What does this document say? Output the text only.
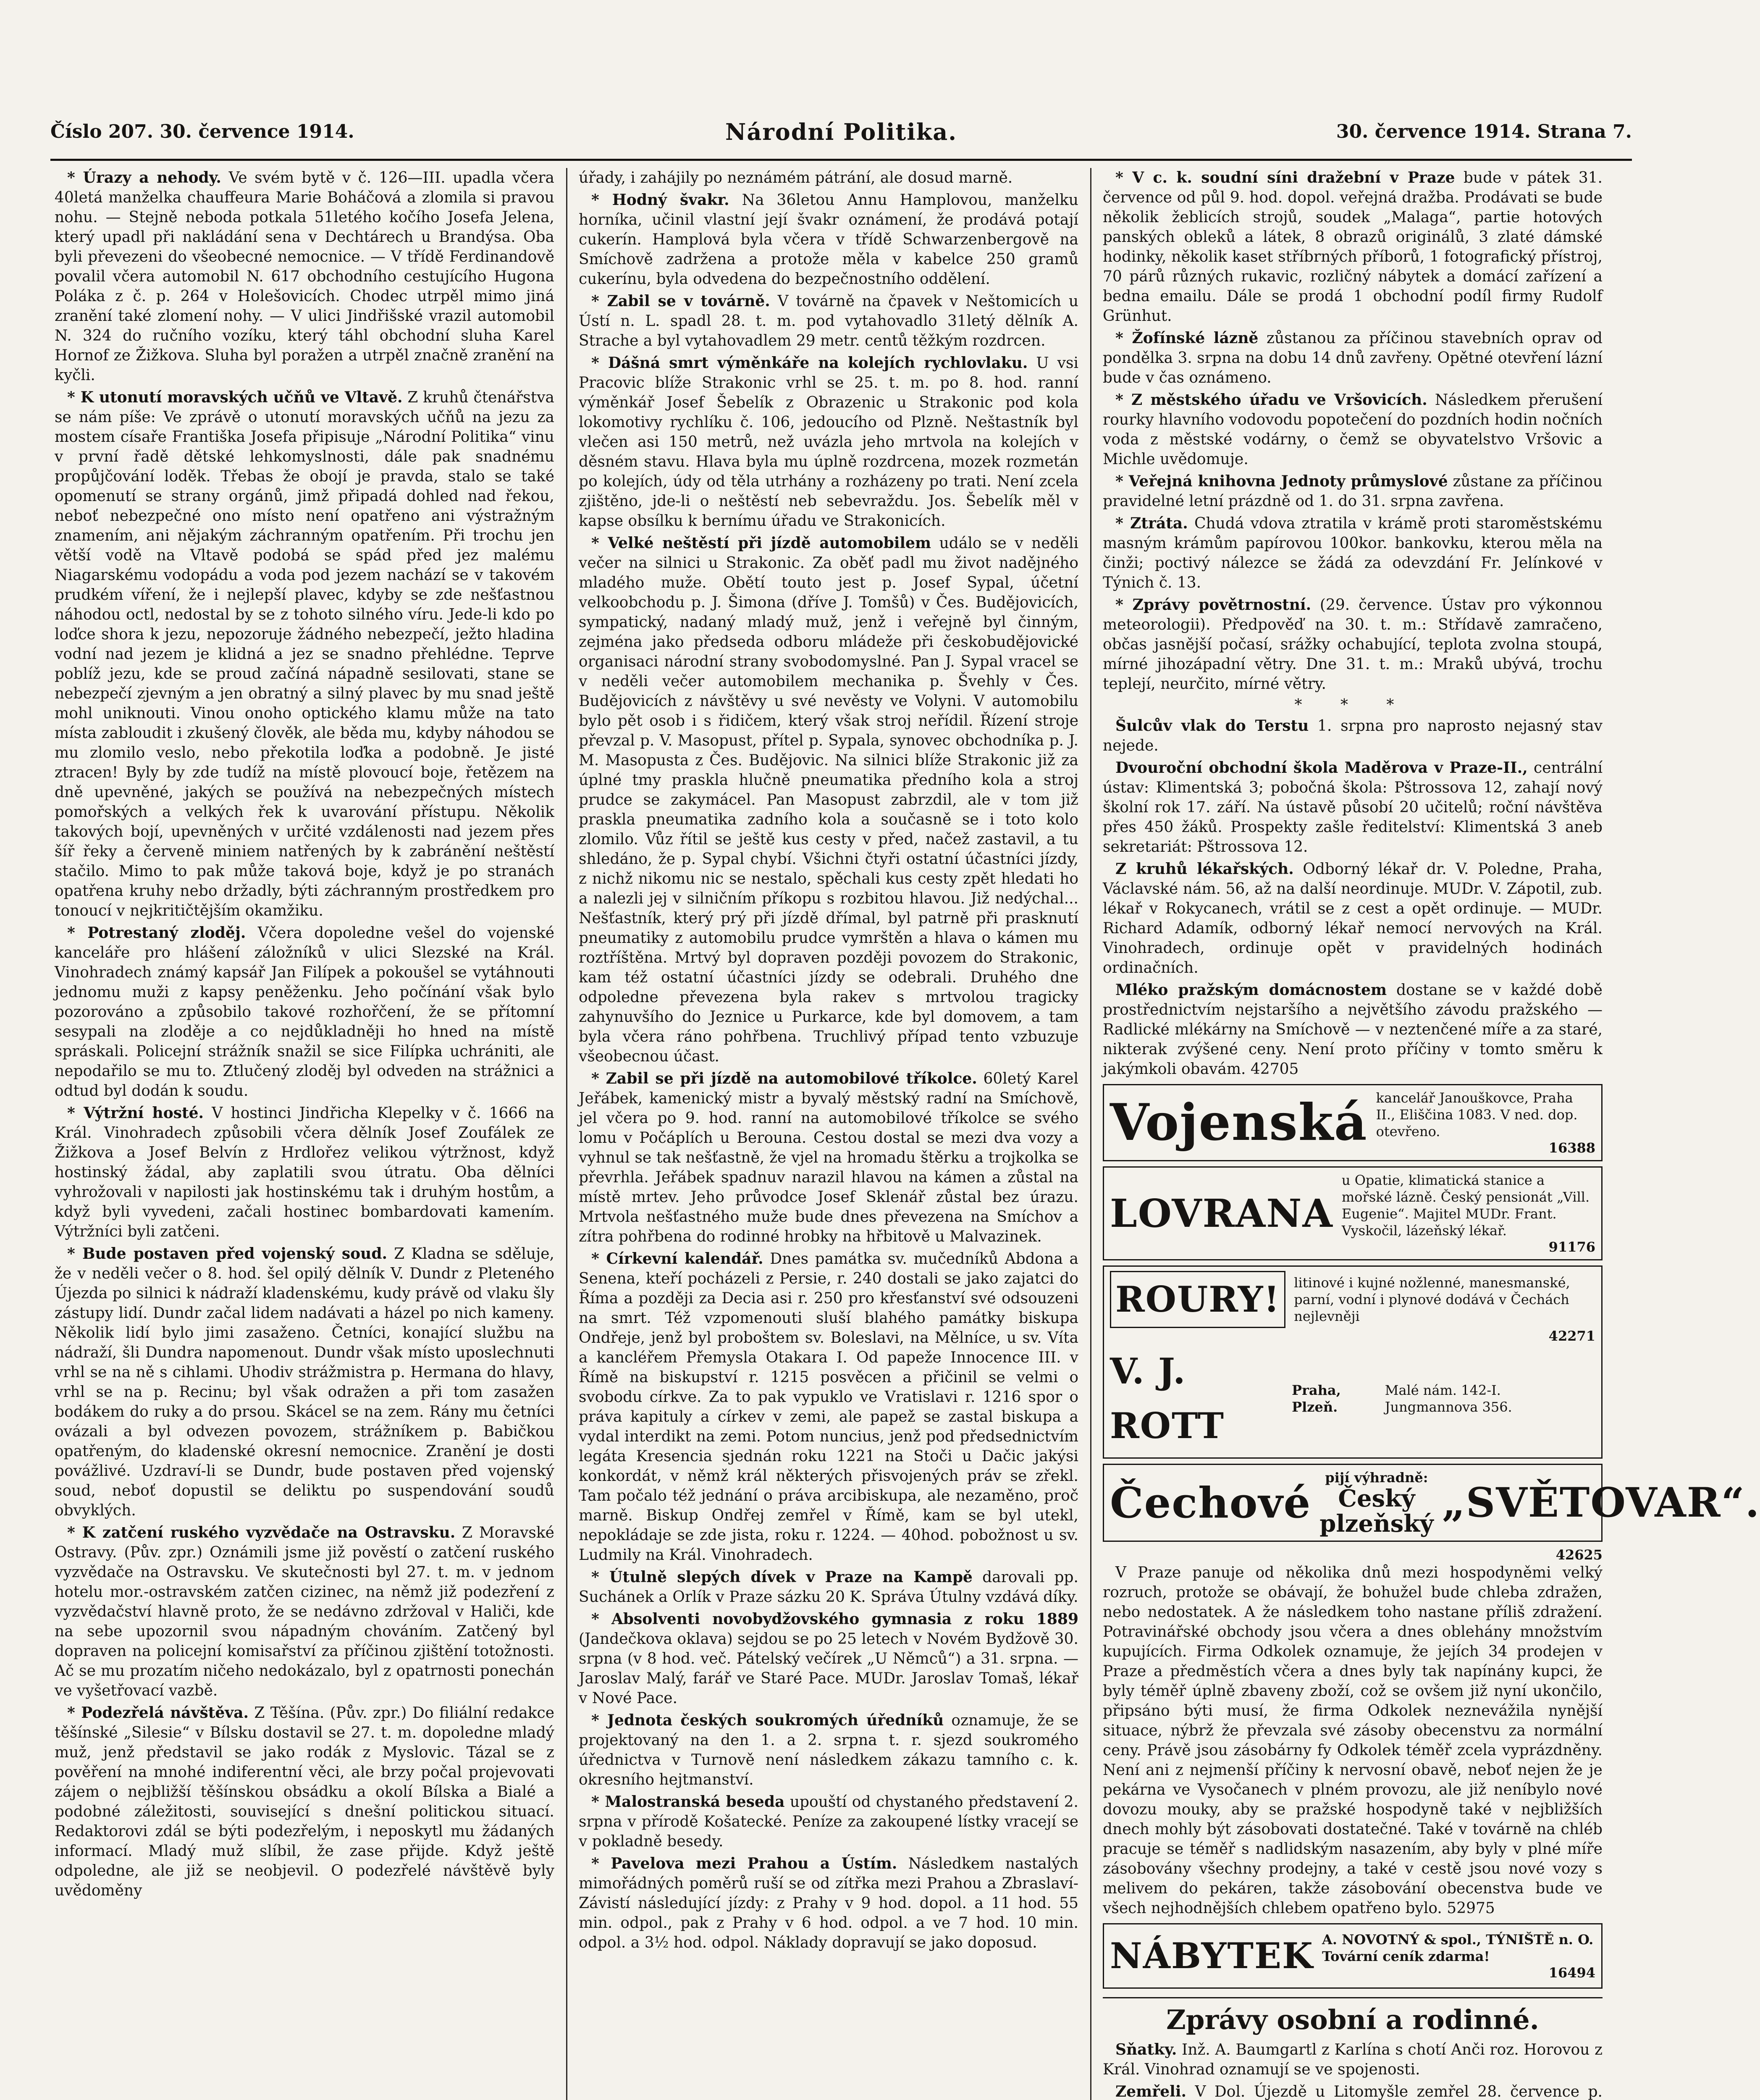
Číslo 207. 30. července 1914.	Národní Politika.	30. července 1914. Strana 7.

* Úrazy a nehody. Ve svém bytě v č. 126—III. upadla včera 40letá manželka chauffeura Marie Boháčová a zlomila si pravou nohu. — Stejně neboda potkala 51letého kočího Josefa Jelena, který upadl při nakládání sena v Dechtárech u Brandýsa. Oba byli převezeni do všeobecné nemocnice. — V třídě Ferdinandově povalil včera automobil N. 617 obchodního cestujícího Hugona Poláka z č. p. 264 v Holešovicích. Chodec utrpěl mimo jiná zranění také zlomení nohy. — V ulici Jindřišské vrazil automobil N. 324 do ručního vozíku, který táhl obchodní sluha Karel Hornof ze Žižkova. Sluha byl poražen a utrpěl značně zranění na kyčli.

* K utonutí moravských učňů ve Vltavě. Z kruhů čtenářstva se nám píše: Ve zprávě o utonutí moravských učňů na jezu za mostem císaře Františka Josefa připisuje „Národní Politika“ vinu v první řadě dětské lehkomyslnosti, dále pak snadnému propůjčování loděk. Třebas že obojí je pravda, stalo se také opomenutí se strany orgánů, jimž připadá dohled nad řekou, neboť nebezpečné ono místo není opatřeno ani výstražným znamením, ani nějakým záchranným opatřením. Při trochu jen větší vodě na Vltavě podobá se spád před jez malému Niagarskému vodopádu a voda pod jezem nachází se v takovém prudkém víření, že i nejlepší plavec, kdyby se zde nešťastnou náhodou octl, nedostal by se z tohoto silného víru. Jede-li kdo po loďce shora k jezu, nepozoruje žádného nebezpečí, ježto hladina vodní nad jezem je klidná a jez se snadno přehlédne. Teprve poblíž jezu, kde se proud začíná nápadně sesilovati, stane se nebezpečí zjevným a jen obratný a silný plavec by mu snad ještě mohl uniknouti. Vinou onoho optického klamu může na tato místa zabloudit i zkušený člověk, ale běda mu, kdyby náhodou se mu zlomilo veslo, nebo překotila loďka a podobně. Je jisté ztracen! Byly by zde tudíž na místě plovoucí boje, řetězem na dně upevněné, jakých se používá na nebezpečných místech pomořských a velkých řek k uvarování přístupu. Několik takových bojí, upevněných v určité vzdálenosti nad jezem přes šíř řeky a červeně miniem natřených by k zabránění neštěstí stačilo. Mimo to pak může taková boje, když je po stranách opatřena kruhy nebo držadly, býti záchranným prostředkem pro tonoucí v nejkritičtějším okamžiku.

* Potrestaný zloděj. Včera dopoledne vešel do vojenské kanceláře pro hlášení záložníků v ulici Slezské na Král. Vinohradech známý kapsář Jan Filípek a pokoušel se vytáhnouti jednomu muži z kapsy peněženku. Jeho počínání však bylo pozorováno a způsobilo takové rozhořčení, že se přítomní sesypali na zloděje a co nejdůkladněji ho hned na místě spráskali. Policejní strážník snažil se sice Filípka uchrániti, ale nepodařilo se mu to. Ztlučený zloděj byl odveden na strážnici a odtud byl dodán k soudu.

* Výtržní hosté. V hostinci Jindřicha Klepelky v č. 1666 na Král. Vinohradech způsobili včera dělník Josef Zoufálek ze Žižkova a Josef Belvín z Hrdlořez velikou výtržnost, když hostinský žádal, aby zaplatili svou útratu. Oba dělníci vyhrožovali v napilosti jak hostinskému tak i druhým hostům, a když byli vyvedeni, začali hostinec bombardovati kamením. Výtržníci byli zatčeni.

* Bude postaven před vojenský soud. Z Kladna se sděluje, že v neděli večer o 8. hod. šel opilý dělník V. Dundr z Pleteného Újezda po silnici k nádraží kladenskému, kudy právě od vlaku šly zástupy lidí. Dundr začal lidem nadávati a házel po nich kameny. Několik lidí bylo jimi zasaženo. Četníci, konající službu na nádraží, šli Dundra napomenout. Dundr však místo uposlechnuti vrhl se na ně s cihlami. Uhodiv strážmistra p. Hermana do hlavy, vrhl se na p. Recinu; byl však odražen a při tom zasažen bodákem do ruky a do prsou. Skácel se na zem. Rány mu četníci ovázali a byl odvezen povozem, strážníkem p. Babičkou opatřeným, do kladenské okresní nemocnice. Zranění je dosti povážlivé. Uzdraví-li se Dundr, bude postaven před vojenský soud, neboť dopustil se deliktu po suspendování soudů obvyklých.

* K zatčení ruského vyzvědače na Ostravsku. Z Moravské Ostravy. (Pův. zpr.) Oznámili jsme již pověstí o zatčení ruského vyzvědače na Ostravsku. Ve skutečnosti byl 27. t. m. v jednom hotelu mor.-ostravském zatčen cizinec, na němž již podezření z vyzvědačství hlavně proto, že se nedávno zdržoval v Haliči, kde na sebe upozornil svou nápadným chováním. Zatčený byl dopraven na policejní komisařství za příčinou zjištění totožnosti. Ač se mu prozatím ničeho nedokázalo, byl z opatrnosti ponechán ve vyšetřovací vazbě.

* Podezřelá návštěva. Z Těšína. (Pův. zpr.) Do filiální redakce těšínské „Silesie“ v Bílsku dostavil se 27. t. m. dopoledne mladý muž, jenž představil se jako rodák z Myslovic. Tázal se z pověření na mnohé indiferentní věci, ale brzy počal projevovati zájem o nejbližší těšínskou obsádku a okolí Bílska a Bialé a podobné záležitosti, související s dnešní politickou situací. Redaktorovi zdál se býti podezřelým, i neposkytl mu žádaných informací. Mladý muž slíbil, že zase přijde. Když ještě odpoledne, ale již se neobjevil. O podezřelé návštěvě byly uvědoměny

úřady, i zahájily po neznámém pátrání, ale dosud marně.

* Hodný švakr. Na 36letou Annu Hamplovou, manželku horníka, učinil vlastní její švakr oznámení, že prodává potají cukerín. Hamplová byla včera v třídě Schwarzenbergově na Smíchově zadržena a protože měla v kabelce 250 gramů cukerínu, byla odvedena do bezpečnostního oddělení.

* Zabil se v továrně. V továrně na čpavek v Neštomicích u Ústí n. L. spadl 28. t. m. pod vytahovadlo 31letý dělník A. Strache a byl vytahovadlem 29 metr. centů těžkým rozdrcen.

* Dášná smrt výměnkáře na kolejích rychlovlaku. U vsi Pracovic blíže Strakonic vrhl se 25. t. m. po 8. hod. ranní výměnkář Josef Šebelík z Obrazenic u Strakonic pod kola lokomotivy rychlíku č. 106, jedoucího od Plzně. Neštastník byl vlečen asi 150 metrů, než uvázla jeho mrtvola na kolejích v děsném stavu. Hlava byla mu úplně rozdrcena, mozek rozmetán po kolejích, údy od těla utrhány a rozházeny po trati. Není zcela zjištěno, jde-li o neštěstí neb sebevraždu. Jos. Šebelík měl v kapse obsílku k bernímu úřadu ve Strakonicích.

* Velké neštěstí při jízdě automobilem událo se v neděli večer na silnici u Strakonic. Za oběť padl mu život nadějného mladého muže. Obětí touto jest p. Josef Sypal, účetní velkoobchodu p. J. Šimona (dříve J. Tomšů) v Čes. Budějovicích, sympatický, nadaný mladý muž, jenž i veřejně byl činným, zejména jako předseda odboru mládeže při českobudějovické organisaci národní strany svobodomyslné. Pan J. Sypal vracel se v neděli večer automobilem mechanika p. Švehly v Čes. Budějovicích z návštěvy u své nevěsty ve Volyni. V automobilu bylo pět osob i s řidičem, který však stroj neřídil. Řízení stroje převzal p. V. Masopust, přítel p. Sypala, synovec obchodníka p. J. M. Masopusta z Čes. Budějovic. Na silnici blíže Strakonic již za úplné tmy praskla hlučně pneumatika předního kola a stroj prudce se zakymácel. Pan Masopust zabrzdil, ale v tom již praskla pneumatika zadního kola a současně se i toto kolo zlomilo. Vůz řítil se ještě kus cesty v před, načež zastavil, a tu shledáno, že p. Sypal chybí. Všichni čtyři ostatní účastníci jízdy, z nichž nikomu nic se nestalo, spěchali kus cesty zpět hledati ho a nalezli jej v silničním příkopu s rozbitou hlavou. Již nedýchal... Nešťastník, který prý při jízdě dřímal, byl patrně při prasknutí pneumatiky z automobilu prudce vymrštěn a hlava o kámen mu roztříštěna. Mrtvý byl dopraven později povozem do Strakonic, kam též ostatní účastníci jízdy se odebrali. Druhého dne odpoledne převezena byla rakev s mrtvolou tragicky zahynuvšího do Jeznice u Purkarce, kde byl domovem, a tam byla včera ráno pohřbena. Truchlivý případ tento vzbuzuje všeobecnou účast.

* Zabil se při jízdě na automobilové tříkolce. 60letý Karel Jeřábek, kamenický mistr a byvalý městský radní na Smíchově, jel včera po 9. hod. ranní na automobilové tříkolce se svého lomu v Počáplích u Berouna. Cestou dostal se mezi dva vozy a vyhnul se tak nešťastně, že vjel na hromadu štěrku a trojkolka se převrhla. Jeřábek spadnuv narazil hlavou na kámen a zůstal na místě mrtev. Jeho průvodce Josef Sklenář zůstal bez úrazu. Mrtvola nešťastného muže bude dnes převezena na Smíchov a zítra pohřbena do rodinné hrobky na hřbitově u Malvazinek.

* Církevní kalendář. Dnes památka sv. mučedníků Abdona a Senena, kteří pocházeli z Persie, r. 240 dostali se jako zajatci do Říma a později za Decia asi r. 250 pro křesťanství své odsouzeni na smrt. Též vzpomenouti sluší blahého památky biskupa Ondřeje, jenž byl proboštem sv. Boleslavi, na Mělníce, u sv. Víta a kancléřem Přemysla Otakara I. Od papeže Innocence III. v Římě na biskupství r. 1215 posvěcen a přičinil se velmi o svobodu církve. Za to pak vypuklo ve Vratislavi r. 1216 spor o práva kapituly a církev v zemi, ale papež se zastal biskupa a vydal interdikt na zemi. Potom nuncius, jenž pod předsednictvím legáta Kresencia sjednán roku 1221 na Stoči u Dačic jakýsi konkordát, v němž král některých přisvojených práv se zřekl. Tam počalo též jednání o práva arcibiskupa, ale nezaměno, proč marně. Biskup Ondřej zemřel v Římě, kam se byl utekl, nepokládaje se zde jista, roku r. 1224. — 40hod. pobožnost u sv. Ludmily na Král. Vinohradech.

* Útulně slepých dívek v Praze na Kampě darovali pp. Suchánek a Orlík v Praze sázku 20 K. Správa Útulny vzdává díky.

* Absolventi novobydžovského gymnasia z roku 1889 (Jandečkova oklava) sejdou se po 25 letech v Novém Bydžově 30. srpna (v 8 hod. več. Pátelský večírek „U Němců“) a 31. srpna. — Jaroslav Malý, farář ve Staré Pace. MUDr. Jaroslav Tomaš, lékař v Nové Pace.

* Jednota českých soukromých úředníků oznamuje, že se projektovaný na den 1. a 2. srpna t. r. sjezd soukromého úřednictva v Turnově není následkem zákazu tamního c. k. okresního hejtmanství.

* Malostranská beseda upouští od chystaného představení 2. srpna v přírodě Košatecké. Peníze za zakoupené lístky vracejí se v pokladně besedy.

* Pavelova mezi Prahou a Ústím. Následkem nastalých mimořádných poměrů ruší se od zítřka mezi Prahou a Zbraslaví-Závistí následující jízdy: z Prahy v 9 hod. dopol. a 11 hod. 55 min. odpol., pak z Prahy v 6 hod. odpol. a ve 7 hod. 10 min. odpol. a 3½ hod. odpol. Náklady dopravují se jako doposud.

* V c. k. soudní síni dražební v Praze bude v pátek 31. července od půl 9. hod. dopol. veřejná dražba. Prodávati se bude několik žeblicích strojů, soudek „Malaga“, partie hotových panských obleků a látek, 8 obrazů originálů, 3 zlaté dámské hodinky, několik kaset stříbrných příborů, 1 fotografický přístroj, 70 párů různých rukavic, rozličný nábytek a domácí zařízení a bedna emailu. Dále se prodá 1 obchodní podíl firmy Rudolf Grünhut.

* Žofínské lázně zůstanou za příčinou stavebních oprav od pondělka 3. srpna na dobu 14 dnů zavřeny. Opětné otevření lázní bude v čas oznámeno.

* Z městského úřadu ve Vršovicích. Následkem přerušení rourky hlavního vodovodu popotečení do pozdních hodin nočních voda z městské vodárny, o čemž se obyvatelstvo Vršovic a Michle uvědomuje.

* Veřejná knihovna Jednoty průmyslové zůstane za příčinou pravidelné letní prázdně od 1. do 31. srpna zavřena.

* Ztráta. Chudá vdova ztratila v krámě proti staroměstskému masným krámům papírovou 100kor. bankovku, kterou měla na činži; poctivý nálezce se žádá za odevzdání Fr. Jelínkové v Týnich č. 13.

* Zprávy povětrnostní. (29. července. Ústav pro výkonnou meteorologii). Předpověď na 30. t. m.: Střídavě zamračeno, občas jasnější počasí, srážky ochabující, teplota zvolna stoupá, mírné jihozápadní větry. Dne 31. t. m.: Mraků ubývá, trochu teplejí, neurčito, mírné větry.

* * *

Šulcův vlak do Terstu 1. srpna pro naprosto nejasný stav nejede.

Dvouroční obchodní škola Maděrova v Praze-II., centrální ústav: Klimentská 3; pobočná škola: Pštrossova 12, zahají nový školní rok 17. září. Na ústavě působí 20 učitelů; roční návštěva přes 450 žáků. Prospekty zašle ředitelství: Klimentská 3 aneb sekretariát: Pštrossova 12.

Z kruhů lékařských. Odborný lékař dr. V. Poledne, Praha, Václavské nám. 56, až na další neordinuje. MUDr. V. Zápotil, zub. lékař v Rokycanech, vrátil se z cest a opět ordinuje. — MUDr. Richard Adamík, odborný lékař nemocí nervových na Král. Vinohradech, ordinuje opět v pravidelných hodinách ordinačních.

Mléko pražským domácnostem dostane se v každé době prostřednictvím nejstaršího a největšího závodu pražského — Radlické mlékárny na Smíchově — v neztenčené míře a za staré, nikterak zvýšené ceny. Není proto příčiny v tomto směru k jakýmkoli obavám. 42705

Vojenská kancelář Janouškovce, Praha II., Eliščina 1083. V ned. dop. otevřeno.
16388
LOVRANA
u Opatie, klimatická stanice a mořské lázně. Český pensionát „Vill. Eugenie“. Majitel MUDr. Frant. Vyskočil, lázeňský lékař.
91176
ROURY!	litinové i kujné nožlenné, manesmanské, parní, vodní i plynové dodává v Čechách nejlevněji
42271
V. J. ROTT
Praha, Plzeň.
Malé nám. 142-I. Jungmannova 356.
Čechové
pijí výhradně:
Český plzeňský „SVĚTOVAR“.
42625

V Praze panuje od několika dnů mezi hospodyněmi velký rozruch, protože se obávají, že bohužel bude chleba zdražen, nebo nedostatek. A že následkem toho nastane příliš zdražení. Potravinářské obchody jsou včera a dnes oblehány množstvím kupujících. Firma Odkolek oznamuje, že jejích 34 prodejen v Praze a předměstích včera a dnes byly tak napínány kupci, že byly téměř úplně zbaveny zboží, což se ovšem již nyní ukončilo, připsáno býti musí, že firma Odkolek neznevážila nynější situace, nýbrž že převzala své zásoby obecenstvu za normální ceny. Právě jsou zásobárny fy Odkolek téměř zcela vyprázdněny. Není ani z nejmenší příčiny k nervosní obavě, neboť nejen že je pekárna ve Vysočanech v plném provozu, ale již neníbylo nové dovozu mouky, aby se pražské hospodyně také v nejbližších dnech mohly být zásobovati dostatečné. Také v továrně na chléb pracuje se téměř s nadlidským nasazením, aby byly v plné míře zásobovány všechny prodejny, a také v cestě jsou nové vozy s melivem do pekáren, takže zásobování obecenstva bude ve všech nejhodnějších chlebem opatřeno bylo. 52975

NÁBYTEK A. NOVOTNÝ & spol., TÝNIŠTĚ n. O. Tovární ceník zdarma!
16494
Zprávy osobní a rodinné.

Sňatky. Inž. A. Baumgartl z Karlína s chotí Anči roz. Horovou z Král. Vinohrad oznamují se ve spojenosti.

Zemřeli. V Dol. Újezdě u Litomyšle zemřel 28. července p.
